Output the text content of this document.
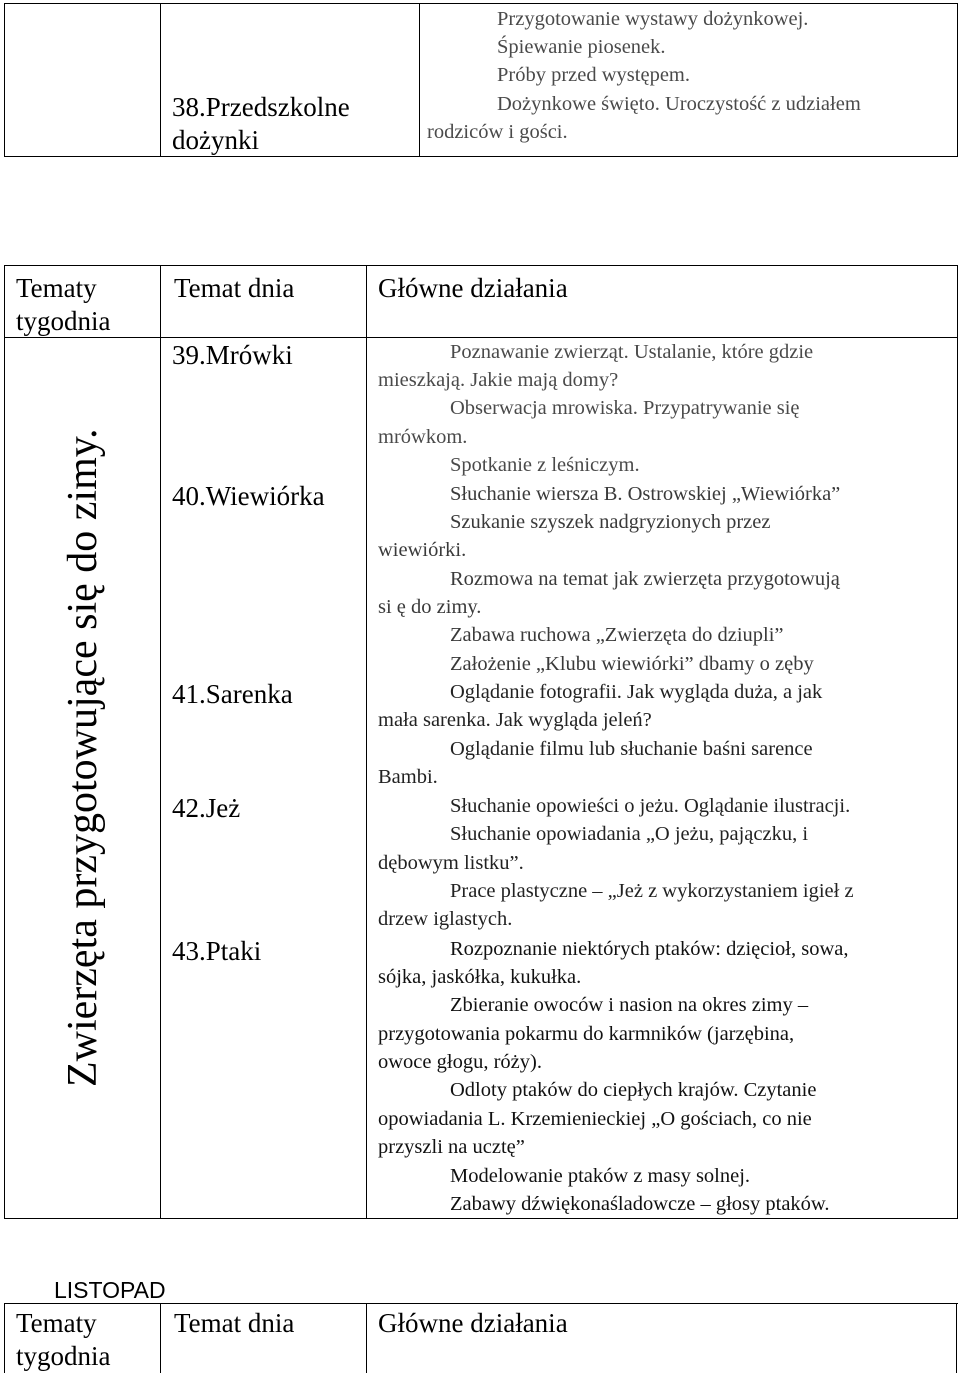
38.Przedszkolne
dożynki
Przygotowanie wystawy dożynkowej.
Śpiewanie piosenek.
Próby przed występem.
Dożynkowe święto. Uroczystość z udziałem
rodziców i gości.
Tematy
tygodnia
Temat dnia	Główne działania
Zwierzęta przygotowujące się do zimy.
39.Mrówki
40.Wiewiórka
41.Sarenka
42.Jeż
43.Ptaki
Poznawanie zwierząt. Ustalanie, które gdzie
mieszkają. Jakie mają domy?
Obserwacja mrowiska. Przypatrywanie się
mrówkom.
Spotkanie z leśniczym.
Słuchanie wiersza B. Ostrowskiej „Wiewiórka”
Szukanie szyszek nadgryzionych przez
wiewiórki.
Rozmowa na temat jak zwierzęta przygotowują
si ę do zimy.
Zabawa ruchowa „Zwierzęta do dziupli”
Założenie „Klubu wiewiórki” dbamy o zęby
Oglądanie fotografii. Jak wygląda duża, a jak
mała sarenka. Jak wygląda jeleń?
Oglądanie filmu lub słuchanie baśni sarence
Bambi.
Słuchanie opowieści o jeżu. Oglądanie ilustracji.
Słuchanie opowiadania „O jeżu, pajączku, i
dębowym listku”.
Prace plastyczne – „Jeż z wykorzystaniem igieł z
drzew iglastych.
Rozpoznanie niektórych ptaków: dzięcioł, sowa,
sójka, jaskółka, kukułka.
Zbieranie owoców i nasion na okres zimy –
przygotowania pokarmu do karmników (jarzębina,
owoce głogu, róży).
Odloty ptaków do ciepłych krajów. Czytanie
opowiadania L. Krzemienieckiej „O gościach, co nie
przyszli na ucztę”
Modelowanie ptaków z masy solnej.
Zabawy dźwiękonaśladowcze – głosy ptaków.
LISTOPAD
Tematy
tygodnia
Temat dnia	Główne działania
